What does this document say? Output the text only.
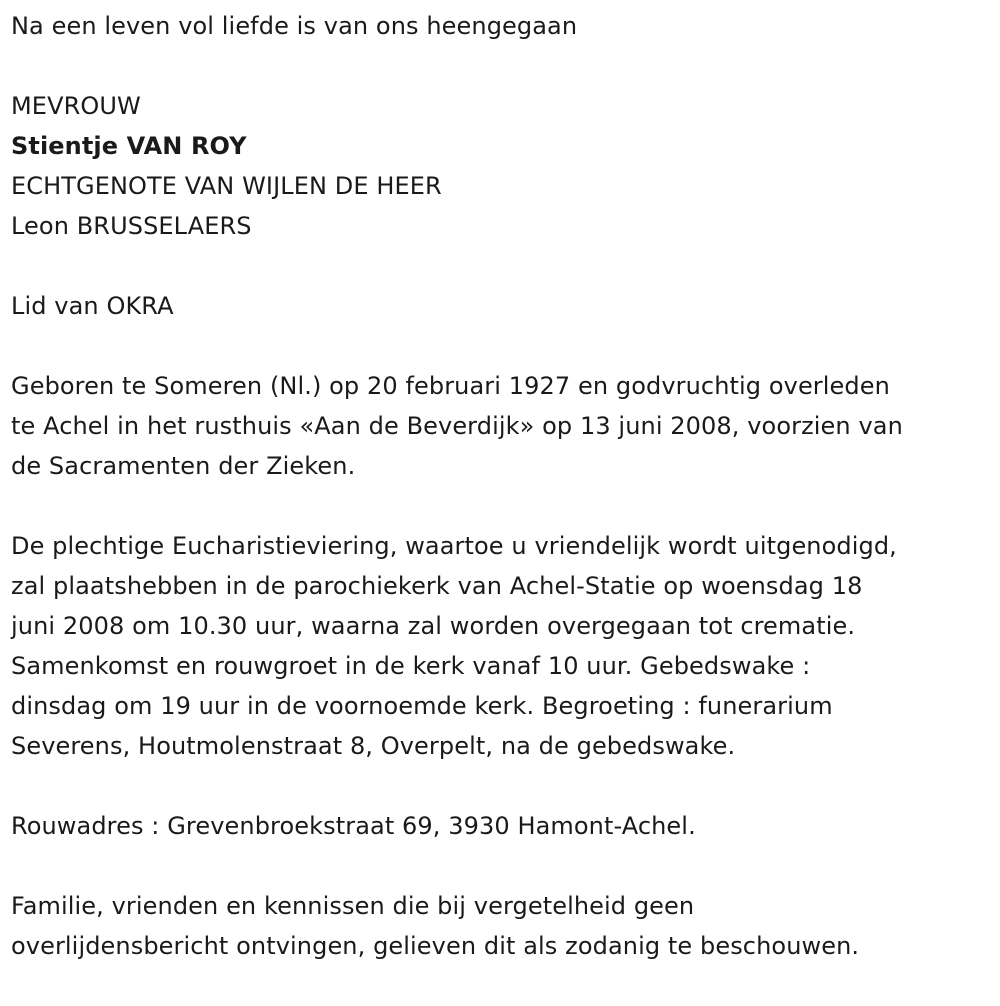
Na een leven vol liefde is van ons heengegaan
MEVROUW
Stientje VAN ROY
ECHTGENOTE VAN WIJLEN DE HEER
Leon BRUSSELAERS
Lid van OKRA
Geboren te Someren (Nl.) op 20 februari 1927 en godvruchtig overleden
te Achel in het rusthuis «Aan de Beverdijk» op 13 juni 2008, voorzien van
de Sacramenten der Zieken.
De plechtige Eucharistieviering, waartoe u vriendelijk wordt uitgenodigd,
zal plaatshebben in de parochiekerk van Achel-Statie op woensdag 18
juni 2008 om 10.30 uur, waarna zal worden overgegaan tot crematie.
Samenkomst en rouwgroet in de kerk vanaf 10 uur. Gebedswake :
dinsdag om 19 uur in de voornoemde kerk. Begroeting : funerarium
Severens, Houtmolenstraat 8, Overpelt, na de gebedswake.
Rouwadres : Grevenbroekstraat 69, 3930 Hamont-Achel.
Familie, vrienden en kennissen die bij vergetelheid geen
overlijdensbericht ontvingen, gelieven dit als zodanig te beschouwen.
